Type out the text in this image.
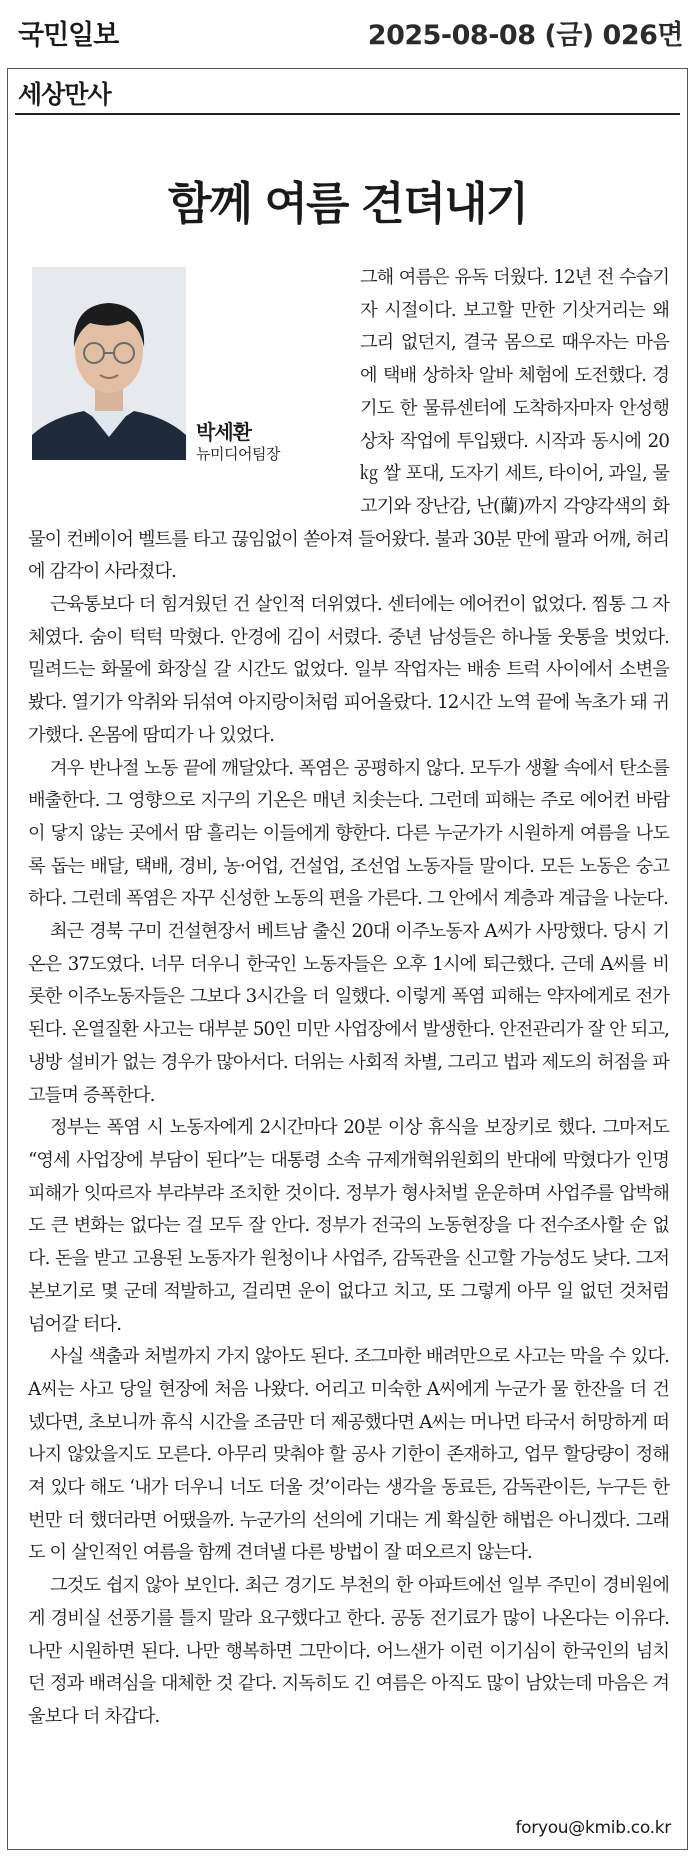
국민일보	2025-08-08 (금) 026면
세상만사
함께 여름 견뎌내기

그해 여름은 유독 더웠다. 12년 전 수습기자 시절이다. 보고할 만한 기삿거리는 왜 그리 없던지, 결국 몸으로 때우자는 마음에 택배 상하차 알바 체험에 도전했다. 경기도 한 물류센터에 도착하자마자 안성행 상차 작업에 투입됐다. 시작과 동시에 20㎏ 쌀 포대, 도자기 세트, 타이어, 과일, 물고기와 장난감, 난(蘭)까지 각양각색의 화물이 컨베이어 벨트를 타고 끊임없이 쏟아져 들어왔다. 불과 30분 만에 팔과 어깨, 허리에 감각이 사라졌다.

근육통보다 더 힘겨웠던 건 살인적 더위였다. 센터에는 에어컨이 없었다. 찜통 그 자체였다. 숨이 턱턱 막혔다. 안경에 김이 서렸다. 중년 남성들은 하나둘 웃통을 벗었다. 밀려드는 화물에 화장실 갈 시간도 없었다. 일부 작업자는 배송 트럭 사이에서 소변을 봤다. 열기가 악취와 뒤섞여 아지랑이처럼 피어올랐다. 12시간 노역 끝에 녹초가 돼 귀가했다. 온몸에 땀띠가 나 있었다.

겨우 반나절 노동 끝에 깨달았다. 폭염은 공평하지 않다. 모두가 생활 속에서 탄소를 배출한다. 그 영향으로 지구의 기온은 매년 치솟는다. 그런데 피해는 주로 에어컨 바람이 닿지 않는 곳에서 땀 흘리는 이들에게 향한다. 다른 누군가가 시원하게 여름을 나도록 돕는 배달, 택배, 경비, 농·어업, 건설업, 조선업 노동자들 말이다. 모든 노동은 숭고하다. 그런데 폭염은 자꾸 신성한 노동의 편을 가른다. 그 안에서 계층과 계급을 나눈다.

최근 경북 구미 건설현장서 베트남 출신 20대 이주노동자 A씨가 사망했다. 당시 기온은 37도였다. 너무 더우니 한국인 노동자들은 오후 1시에 퇴근했다. 근데 A씨를 비롯한 이주노동자들은 그보다 3시간을 더 일했다. 이렇게 폭염 피해는 약자에게로 전가된다. 온열질환 사고는 대부분 50인 미만 사업장에서 발생한다. 안전관리가 잘 안 되고, 냉방 설비가 없는 경우가 많아서다. 더위는 사회적 차별, 그리고 법과 제도의 허점을 파고들며 증폭한다.

정부는 폭염 시 노동자에게 2시간마다 20분 이상 휴식을 보장키로 했다. 그마저도 “영세 사업장에 부담이 된다”는 대통령 소속 규제개혁위원회의 반대에 막혔다가 인명 피해가 잇따르자 부랴부랴 조치한 것이다. 정부가 형사처벌 운운하며 사업주를 압박해도 큰 변화는 없다는 걸 모두 잘 안다. 정부가 전국의 노동현장을 다 전수조사할 순 없다. 돈을 받고 고용된 노동자가 원청이나 사업주, 감독관을 신고할 가능성도 낮다. 그저 본보기로 몇 군데 적발하고, 걸리면 운이 없다고 치고, 또 그렇게 아무 일 없던 것처럼 넘어갈 터다.

사실 색출과 처벌까지 가지 않아도 된다. 조그마한 배려만으로 사고는 막을 수 있다. A씨는 사고 당일 현장에 처음 나왔다. 어리고 미숙한 A씨에게 누군가 물 한잔을 더 건넸다면, 초보니까 휴식 시간을 조금만 더 제공했다면 A씨는 머나먼 타국서 허망하게 떠나지 않았을지도 모른다. 아무리 맞춰야 할 공사 기한이 존재하고, 업무 할당량이 정해져 있다 해도 ‘내가 더우니 너도 더울 것’이라는 생각을 동료든, 감독관이든, 누구든 한번만 더 했더라면 어땠을까. 누군가의 선의에 기대는 게 확실한 해법은 아니겠다. 그래도 이 살인적인 여름을 함께 견뎌낼 다른 방법이 잘 떠오르지 않는다.

그것도 쉽지 않아 보인다. 최근 경기도 부천의 한 아파트에선 일부 주민이 경비원에게 경비실 선풍기를 틀지 말라 요구했다고 한다. 공동 전기료가 많이 나온다는 이유다. 나만 시원하면 된다. 나만 행복하면 그만이다. 어느샌가 이런 이기심이 한국인의 넘치던 정과 배려심을 대체한 것 같다. 지독히도 긴 여름은 아직도 많이 남았는데 마음은 겨울보다 더 차갑다.

박세환
뉴미디어팀장
foryou@kmib.co.kr
